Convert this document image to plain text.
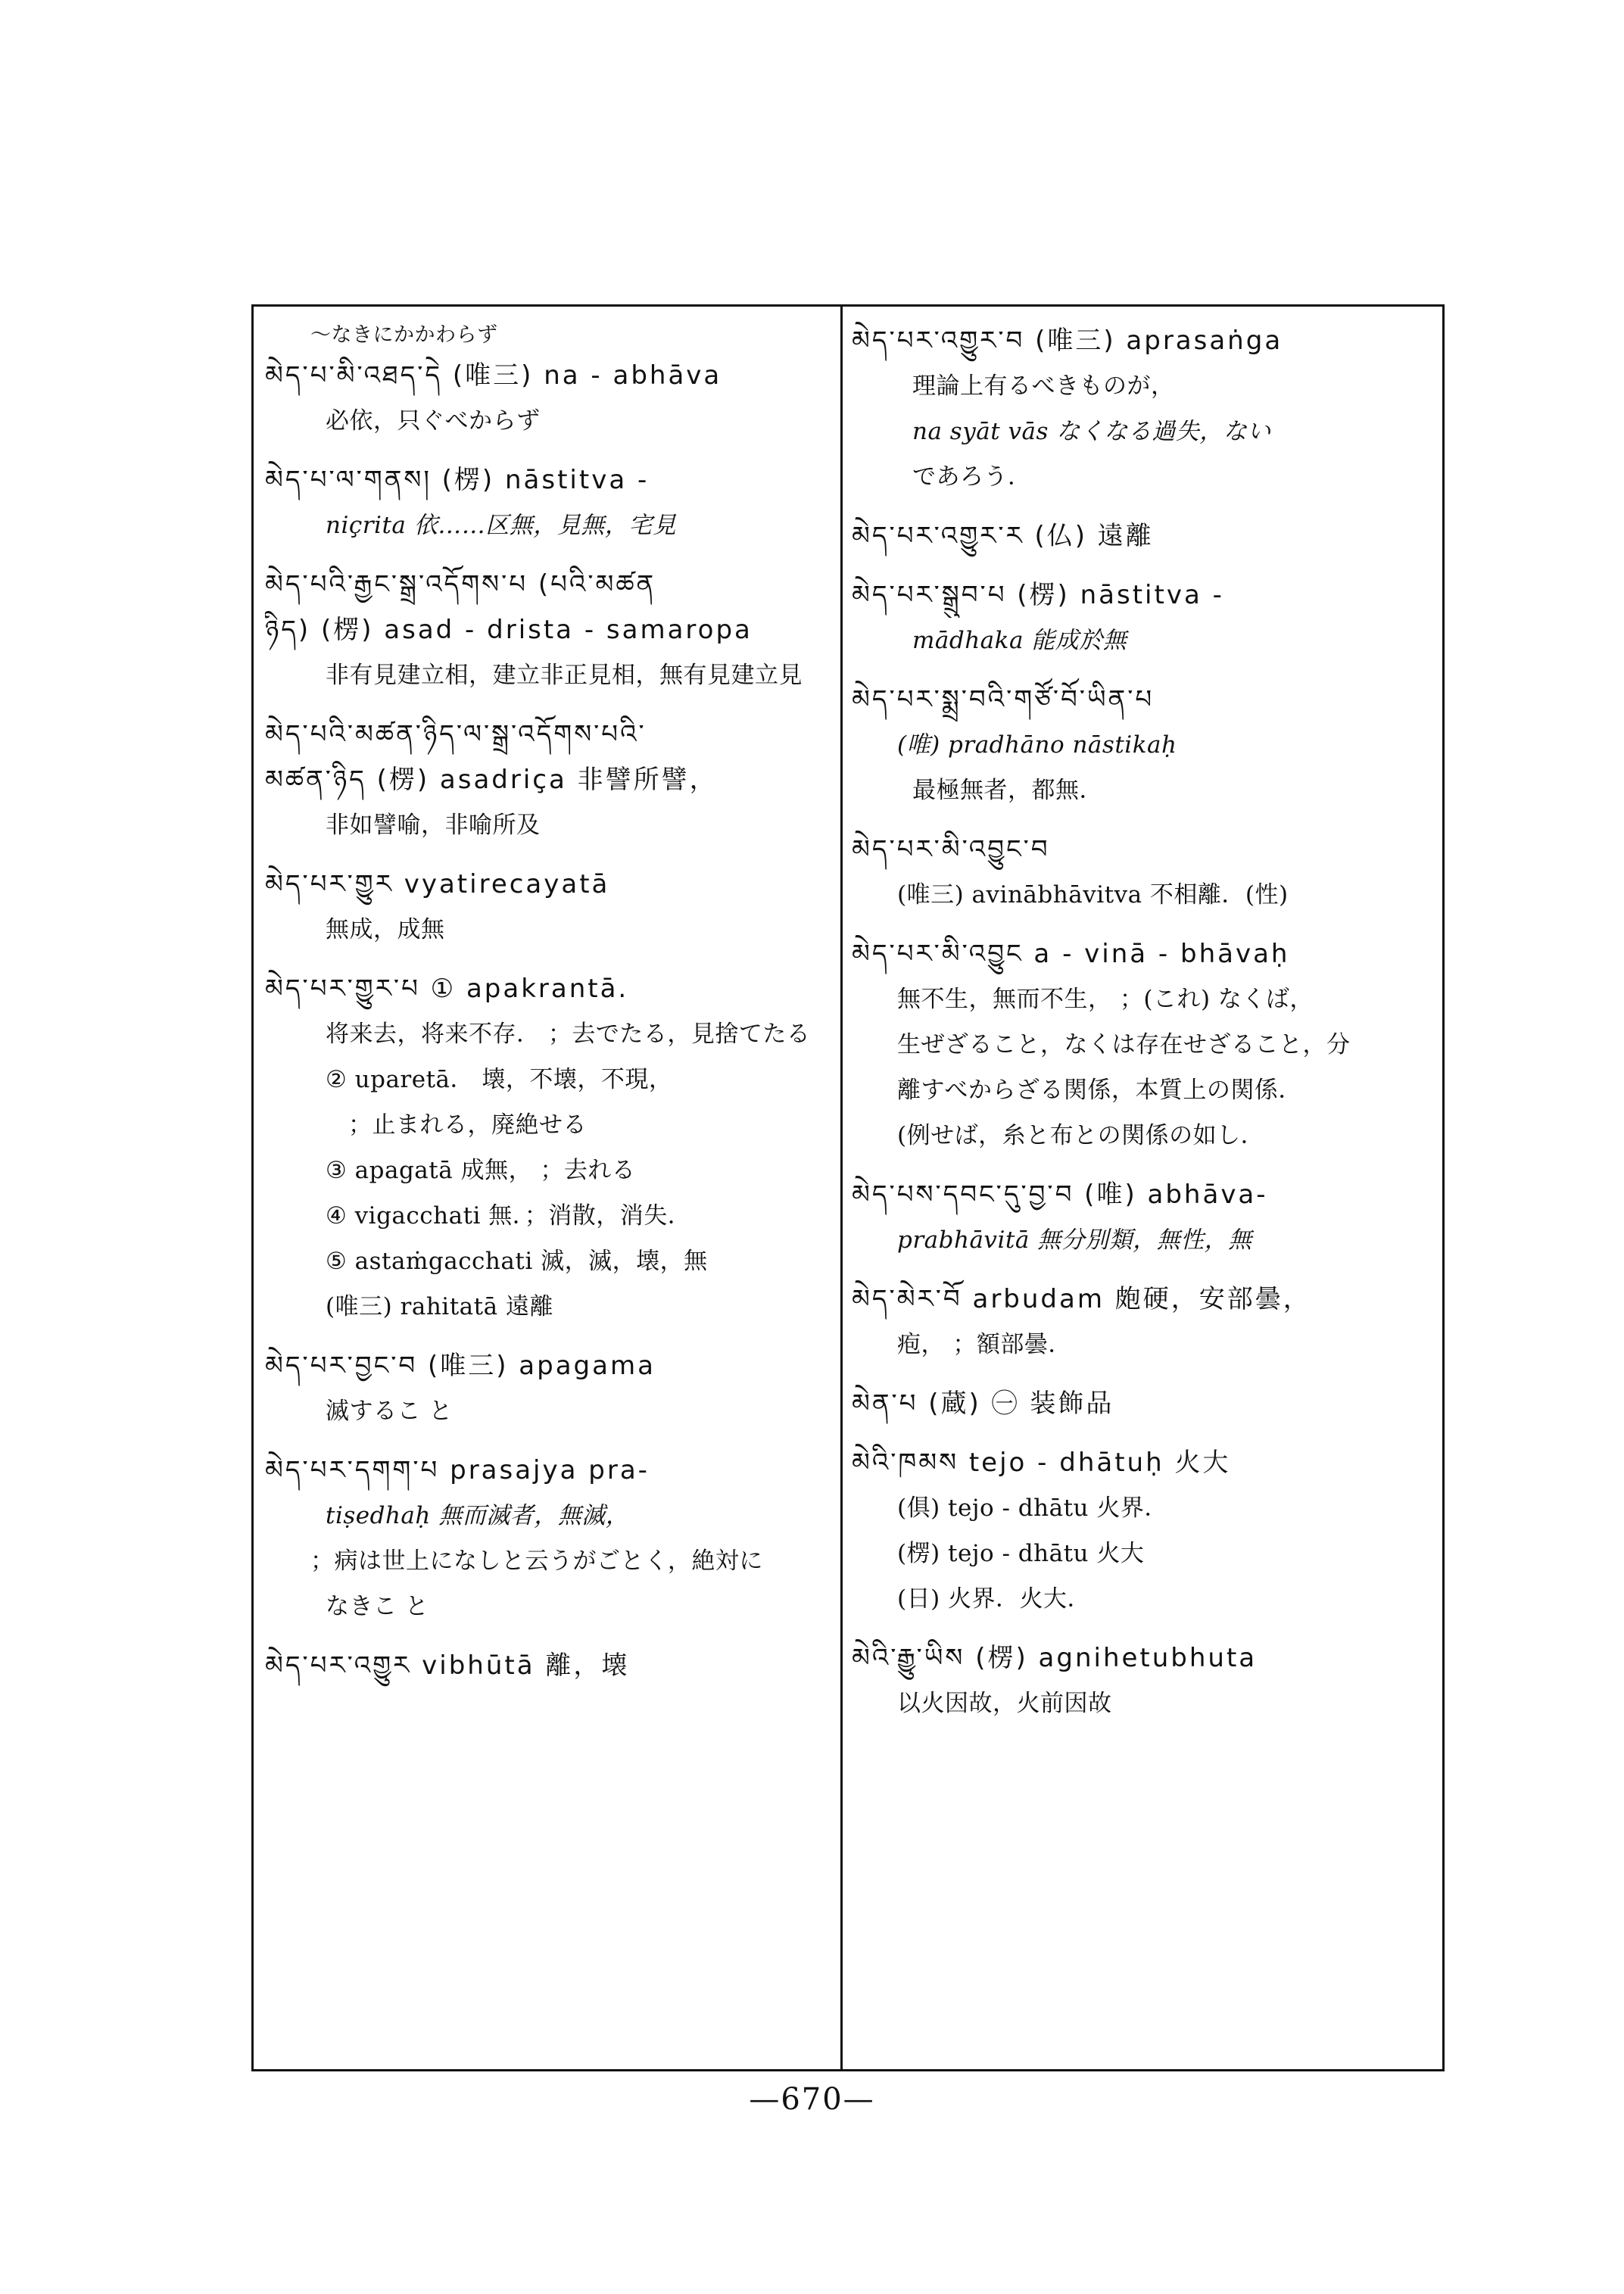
〜なきにかかわらず
མེད་པ་མི་འཐད་དེ (唯三) na - abhāva
必依，只ぐべからず
མེད་པ་ལ་གནས། (楞) nāstitva -
niçrita 依……区無，見無，宅見
མེད་པའི་རྒྱང་སྒྲ་འདོགས་པ (པའི་མཚན
ཉིད) (楞) asad - drista - samaropa
非有見建立相，建立非正見相，無有見建立見
མེད་པའི་མཚན་ཉིད་ལ་སྒྲ་འདོགས་པའི་
མཚན་ཉིད (楞) asadriça 非譬所譬，
非如譬喻，非喻所及
མེད་པར་གྱུར vyatirecayatā
無成，成無
མེད་པར་གྱུར་པ ① apakrantā.
将来去，将来不存． ；去でたる，見捨てたる
② uparetā． 壊，不壊，不現，
；止まれる，廃絶せる
③ apagatā 成無， ；去れる
④ vigacchati 無．；消散，消失．
⑤ astaṁgacchati 滅，滅，壊，無
(唯三) rahitatā 遠離
མེད་པར་བྱང་བ (唯三) apagama
滅するこ と
མེད་པར་དགག་པ prasajya pra-
tiṣedhaḥ 無而滅者，無滅，
；病は世上になしと云うがごとく，絶対に
なきこ と
མེད་པར་འགྱུར vibhūtā 離，壊
མེད་པར་འགྱུར་བ (唯三) aprasaṅga
理論上有るべきものが，
na syāt vās なくなる過失，ない
であろう．
མེད་པར་འགྱུར་ར (仏) 遠離
མེད་པར་སྒྲུབ་པ (楞) nāstitva -
mādhaka 能成於無
མེད་པར་སྨྲ་བའི་གཙོ་བོ་ཡིན་པ
(唯) pradhāno nāstikaḥ
最極無者，都無．
མེད་པར་མི་འབྱུང་བ
(唯三) avinābhāvitva 不相離．(性)
མེད་པར་མི་འབྱུང a - vinā - bhāvaḥ
無不生，無而不生， ；(これ) なくば，
生ぜざること，なくは存在せざること，分
離すべからざる関係，本質上の関係．
(例せば，糸と布との関係の如し．
མེད་པས་དབང་དུ་བྱ་བ (唯) abhāva-
prabhāvitā 無分別類，無性，無
མེད་མེར་བོ arbudam 皰硬，安部曇，
疱， ；額部曇．
མེན་པ (蔵) ㊀ 装飾品
མེའི་ཁམས tejo - dhātuḥ 火大
(俱) tejo - dhātu 火界．
(楞) tejo - dhātu 火大
(日) 火界．火大．
མེའི་རྒྱུ་ཡིས (楞) agnihetubhuta
以火因故，火前因故
—670—
